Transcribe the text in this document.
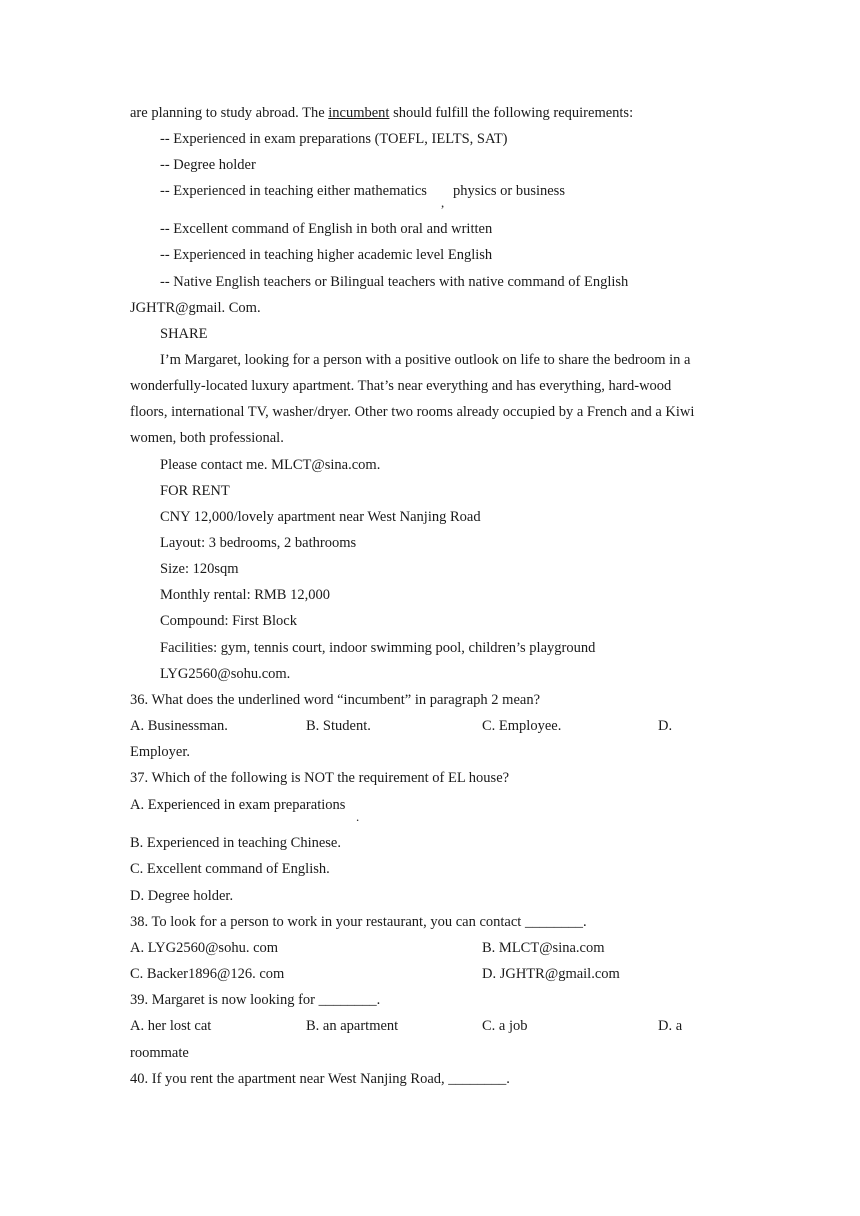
are planning to study abroad. The incumbent should fulfill the following requirements:
-- Experienced in exam preparations (TOEFL, IELTS, SAT)
-- Degree holder
-- Experienced in teaching either mathematics
,
physics or business
-- Excellent command of English in both oral and written
-- Experienced in teaching higher academic level English
-- Native English teachers or Bilingual teachers with native command of English
JGHTR@gmail. Com.
SHARE
I’m Margaret, looking for a person with a positive outlook on life to share the bedroom in a
wonderfully-located luxury apartment. That’s near everything and has everything, hard-wood
floors, international TV, washer/dryer. Other two rooms already occupied by a French and a Kiwi
women, both professional.
Please contact me. MLCT@sina.com.
FOR RENT
CNY 12,000/lovely apartment near West Nanjing Road
Layout: 3 bedrooms, 2 bathrooms
Size: 120sqm
Monthly rental: RMB 12,000
Compound: First Block
Facilities: gym, tennis court, indoor swimming pool, children’s playground
LYG2560@sohu.com.
36. What does the underlined word “incumbent” in paragraph 2 mean?
A. Businessman.	B. Student.	C. Employee.	D.
Employer.
37. Which of the following is NOT the requirement of EL house?
A. Experienced in exam preparations
.
B. Experienced in teaching Chinese.
C. Excellent command of English.
D. Degree holder.
38. To look for a person to work in your restaurant, you can contact ________.
A. LYG2560@sohu. com	B. MLCT@sina.com
C. Backer1896@126. com	D. JGHTR@gmail.com
39. Margaret is now looking for ________.
A. her lost cat	B. an apartment	C. a job	D. a
roommate
40. If you rent the apartment near West Nanjing Road, ________.
